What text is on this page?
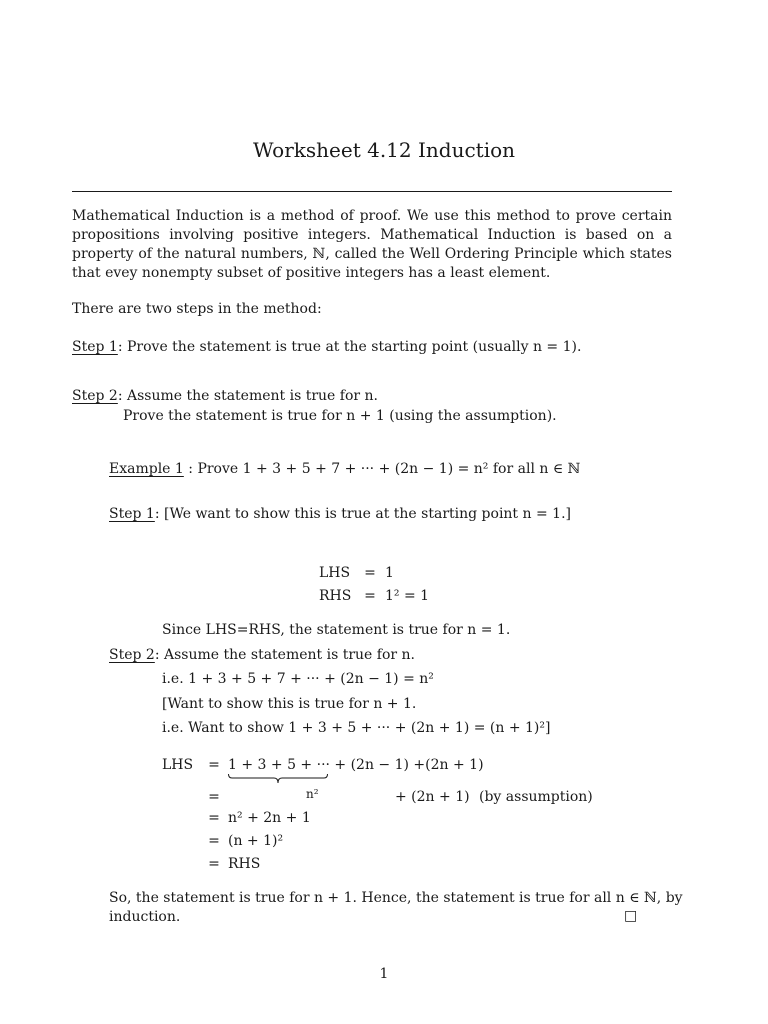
Worksheet 4.12 Induction
Mathematical Induction is a method of proof. We use this method to prove certain propositions involving positive integers. Mathematical Induction is based on a property of the natural numbers, ℕ, called the Well Ordering Principle which states that evey nonempty subset of positive integers has a least element.
There are two steps in the method:
Step 1: Prove the statement is true at the starting point (usually n = 1).
Step 2: Assume the statement is true for n.
Prove the statement is true for n + 1 (using the assumption).
Example 1 : Prove 1 + 3 + 5 + 7 + ··· + (2n − 1) = n² for all n ∈ ℕ
Step 1: [We want to show this is true at the starting point n = 1.]
LHS = 1
RHS = 1² = 1
Since LHS=RHS, the statement is true for n = 1.
Step 2: Assume the statement is true for n.
i.e. 1 + 3 + 5 + 7 + ··· + (2n − 1) = n²
[Want to show this is true for n + 1.
i.e. Want to show 1 + 3 + 5 + ··· + (2n + 1) = (n + 1)²]
LHS = 1 + 3 + 5 + ··· + (2n − 1)
+(2n + 1)
=	n²	+ (2n + 1) (by assumption)
= n² + 2n + 1
= (n + 1)²
= RHS
So, the statement is true for n + 1. Hence, the statement is true for all n ∈ ℕ, by
induction.	□
1
